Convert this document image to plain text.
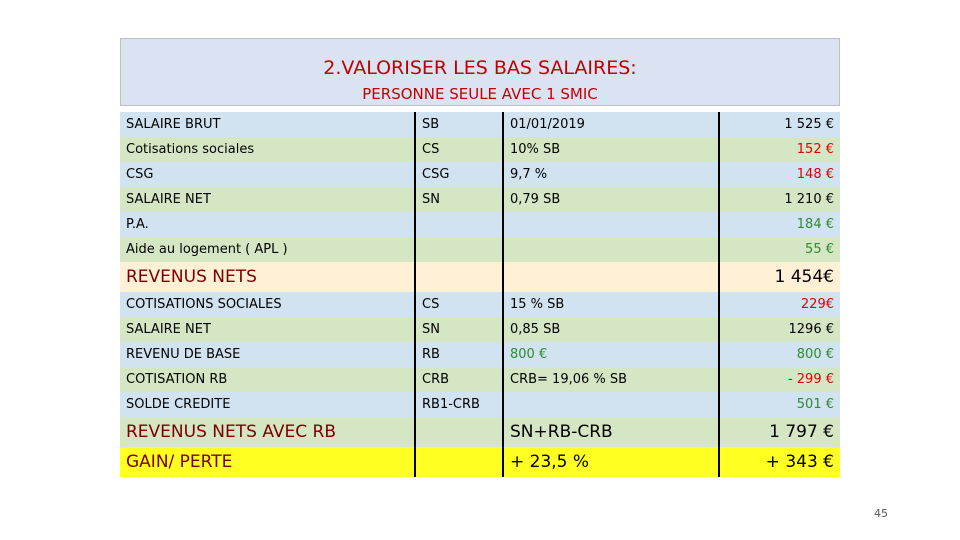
2.VALORISER LES BAS SALAIRES:
PERSONNE SEULE AVEC 1 SMIC
SALAIRE BRUT	SB	01/01/2019	1 525 €
Cotisations sociales	CS	10% SB	152 €
CSG	CSG	9,7 %	148 €
SALAIRE NET	SN	0,79 SB	1 210 €
P.A.			184 €
Aide au logement ( APL )			55 €
REVENUS NETS			1 454€
COTISATIONS SOCIALES	CS	15 % SB	229€
SALAIRE NET	SN	0,85 SB	1296 €
REVENU DE BASE	RB	800 €	800 €
COTISATION RB	CRB	CRB= 19,06 % SB	- 299 €
SOLDE CREDITE	RB1-CRB		501 €
REVENUS NETS AVEC RB		SN+RB-CRB	1 797 €
GAIN/ PERTE		+ 23,5 %	+ 343 €
45
